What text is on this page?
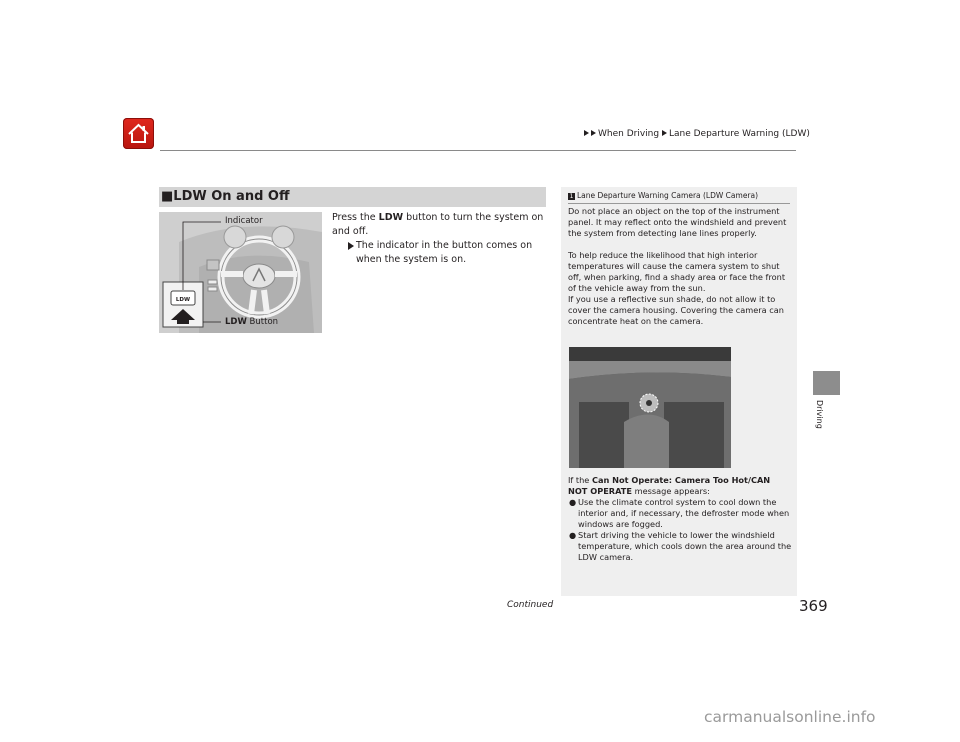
When Driving Lane Departure Warning (LDW)
Driving
■LDW On and Off
LDW
Indicator
LDW Button
Press the LDW button to turn the system on and off.
The indicator in the button comes on when the system is on.
1 Lane Departure Warning Camera (LDW Camera)

Do not place an object on the top of the instrument panel. It may reflect onto the windshield and prevent the system from detecting lane lines properly.

To help reduce the likelihood that high interior temperatures will cause the camera system to shut off, when parking, find a shady area or face the front of the vehicle away from the sun.

If you use a reflective sun shade, do not allow it to cover the camera housing. Covering the camera can concentrate heat on the camera.

If the Can Not Operate: Camera Too Hot/CAN NOT OPERATE message appears:

● Use the climate control system to cool down the interior and, if necessary, the defroster mode when windows are fogged.
● Start driving the vehicle to lower the windshield temperature, which cools down the area around the LDW camera.
Continued	369
carmanualsonline.info
